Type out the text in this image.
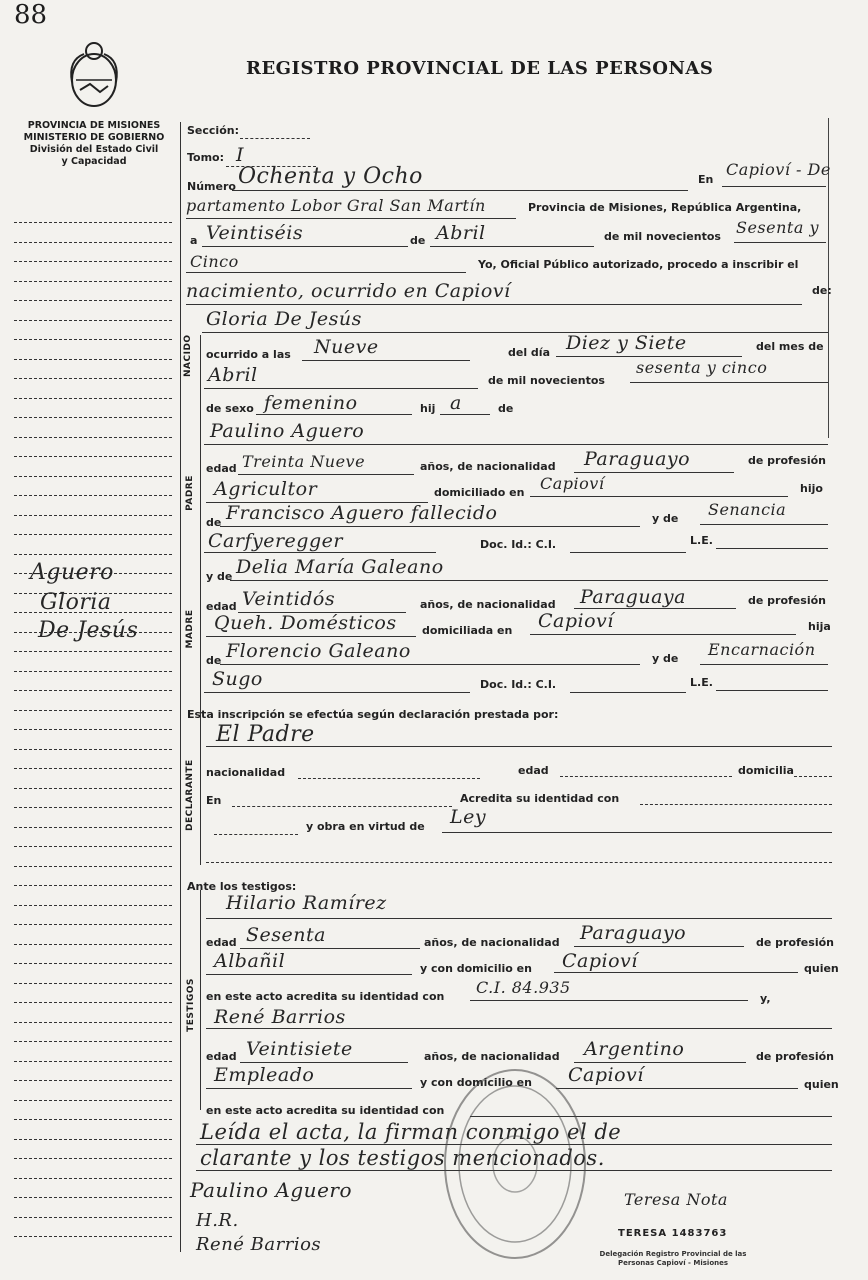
88
REGISTRO PROVINCIAL DE LAS PERSONAS
PROVINCIA DE MISIONES
MINISTERIO DE GOBIERNO
División del Estado Civil
y Capacidad
Aguero
Gloria
De Jesús
NACIDO
PADRE
MADRE
DECLARANTE
TESTIGOS
Sección:
Tomo: I
Número Ochenta y Ocho	En
Capioví - De
partamento Lobor Gral San Martín	Provincia de Misiones, República Argentina,
a Veintiséis	de Abril	de mil novecientos Sesenta y
Cinco	Yo, Oficial Público autorizado, procedo a inscribir el
nacimiento, ocurrido en Capioví	de:
Gloria De Jesús
ocurrido a las Nueve	del día Diez y Siete	del mes de
Abril	de mil novecientos
sesenta y cinco
de sexo femenino	hij a	de
Paulino Aguero
edad Treinta Nueve	años, de nacionalidad Paraguayo	de profesión
Agricultor	domiciliado en Capioví	hijo
de Francisco Aguero fallecido	y de Senancia
Carfyeregger	Doc. Id.: C.I.	L.E.
y de Delia María Galeano
edad Veintidós	años, de nacionalidad Paraguaya	de profesión
Queh. Domésticos domiciliada en Capioví	hija
de Florencio Galeano	y de Encarnación
Sugo	Doc. Id.: C.I.	L.E.
Esta inscripción se efectúa según declaración prestada por:
El Padre
nacionalidad	edad	domicilia
En	Acredita su identidad con
y obra en virtud de Ley
Ante los testigos:
Hilario Ramírez
edad Sesenta	años, de nacionalidad Paraguayo	de profesión
Albañil	y con domicilio en Capioví	quien
en este acto acredita su identidad con C.I. 84.935
y,
René Barrios
edad Veintisiete	años, de nacionalidad Argentino	de profesión
Empleado	y con domicilio en Capioví	quien
en este acto acredita su identidad con
Leída el acta, la firman conmigo el de
clarante y los testigos mencionados.
Paulino Aguero
H.R.
René Barrios
Teresa Nota
TERESA 1483763
Delegación Registro Provincial de las Personas Capioví - Misiones
